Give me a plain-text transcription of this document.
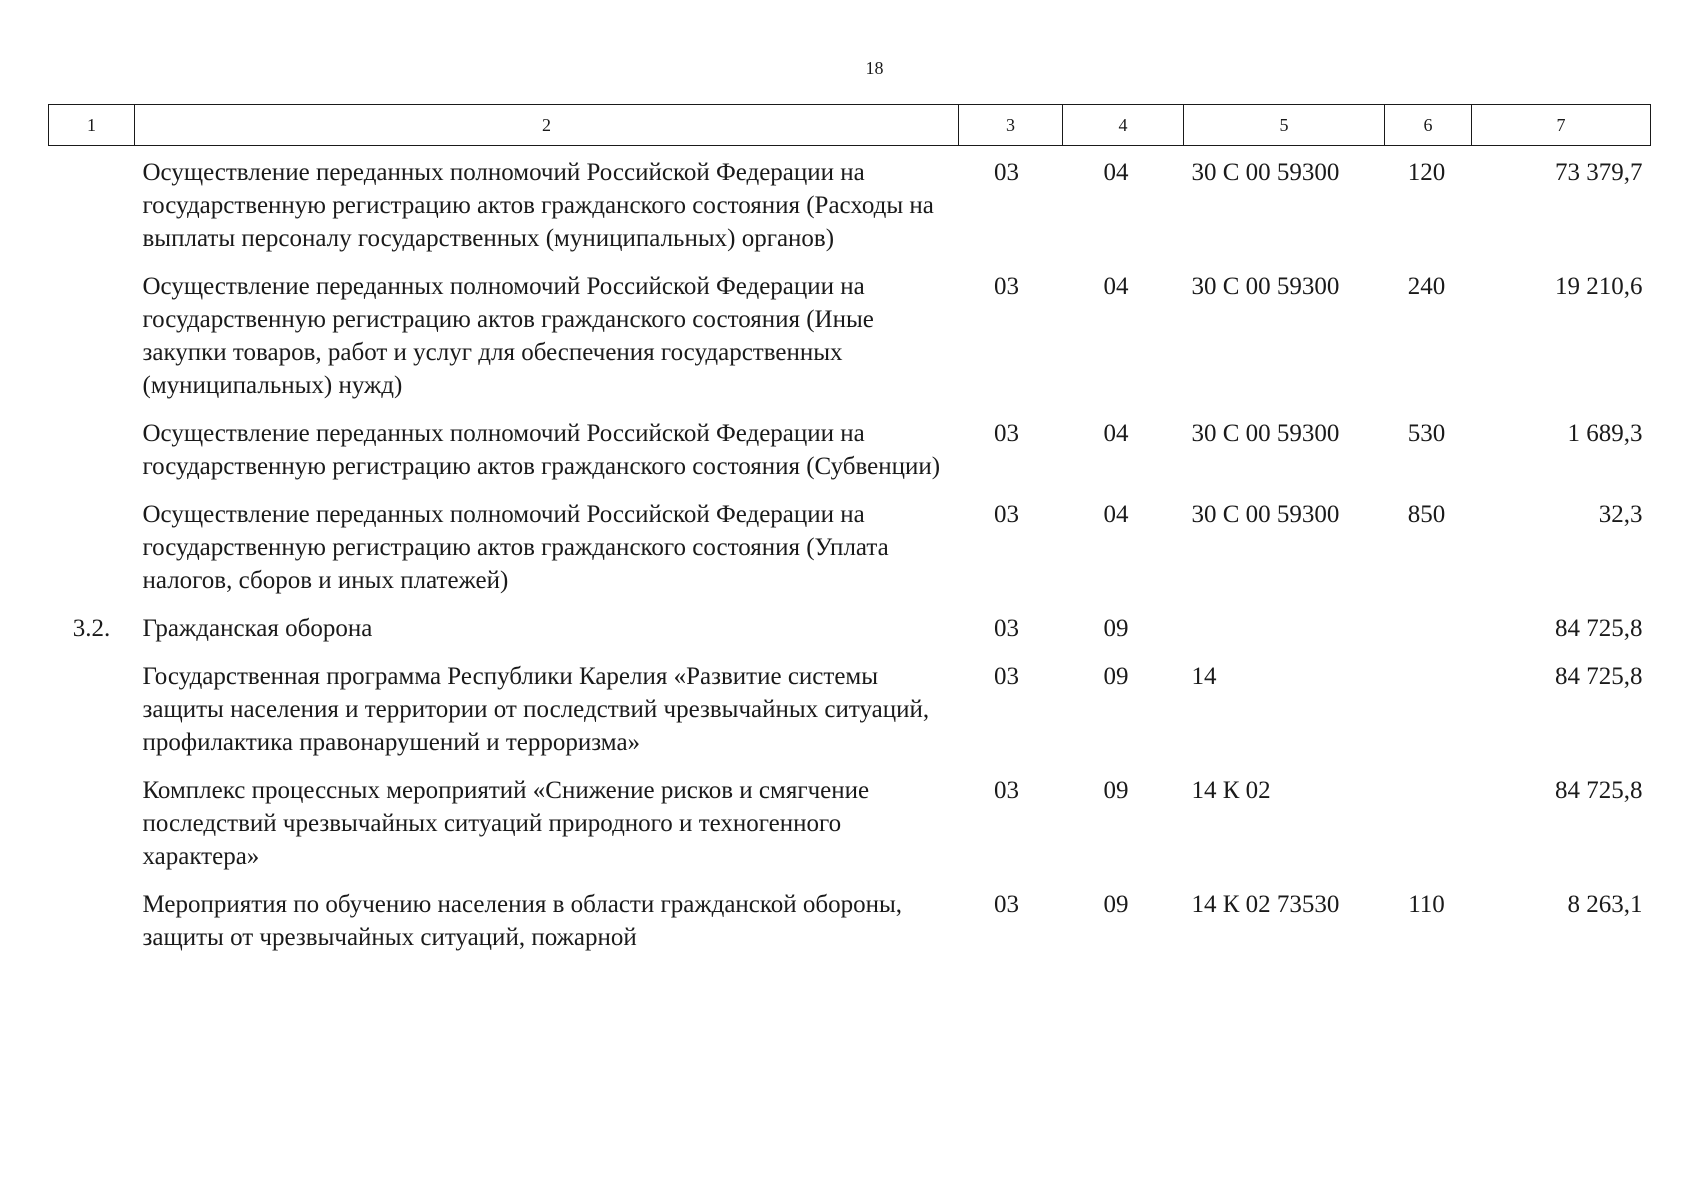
18
1	2	3	4	5	6	7
	Осуществление переданных полномочий Российской Федерации на государственную регистрацию актов гражданского состояния (Расходы на выплаты персоналу государственных (муниципальных) органов)	03	04	30 С 00 59300	120	73 379,7
	Осуществление переданных полномочий Российской Федерации на государственную регистрацию актов гражданского состояния (Иные закупки товаров, работ и услуг для обеспечения государственных (муниципальных) нужд)	03	04	30 С 00 59300	240	19 210,6
	Осуществление переданных полномочий Российской Федерации на государственную регистрацию актов гражданского состояния (Субвенции)	03	04	30 С 00 59300	530	1 689,3
	Осуществление переданных полномочий Российской Федерации на государственную регистрацию актов гражданского состояния (Уплата налогов, сборов и иных платежей)	03	04	30 С 00 59300	850	32,3
3.2.	Гражданская оборона	03	09			84 725,8
	Государственная программа Республики Карелия «Развитие системы защиты населения и территории от последствий чрезвычайных ситуаций, профилактика правонарушений и терроризма»	03	09	14		84 725,8
	Комплекс процессных мероприятий «Снижение рисков и смягчение последствий чрезвычайных ситуаций природного и техногенного характера»	03	09	14 К 02		84 725,8
	Мероприятия по обучению населения в области гражданской обороны, защиты от чрезвычайных ситуаций, пожарной	03	09	14 К 02 73530	110	8 263,1
